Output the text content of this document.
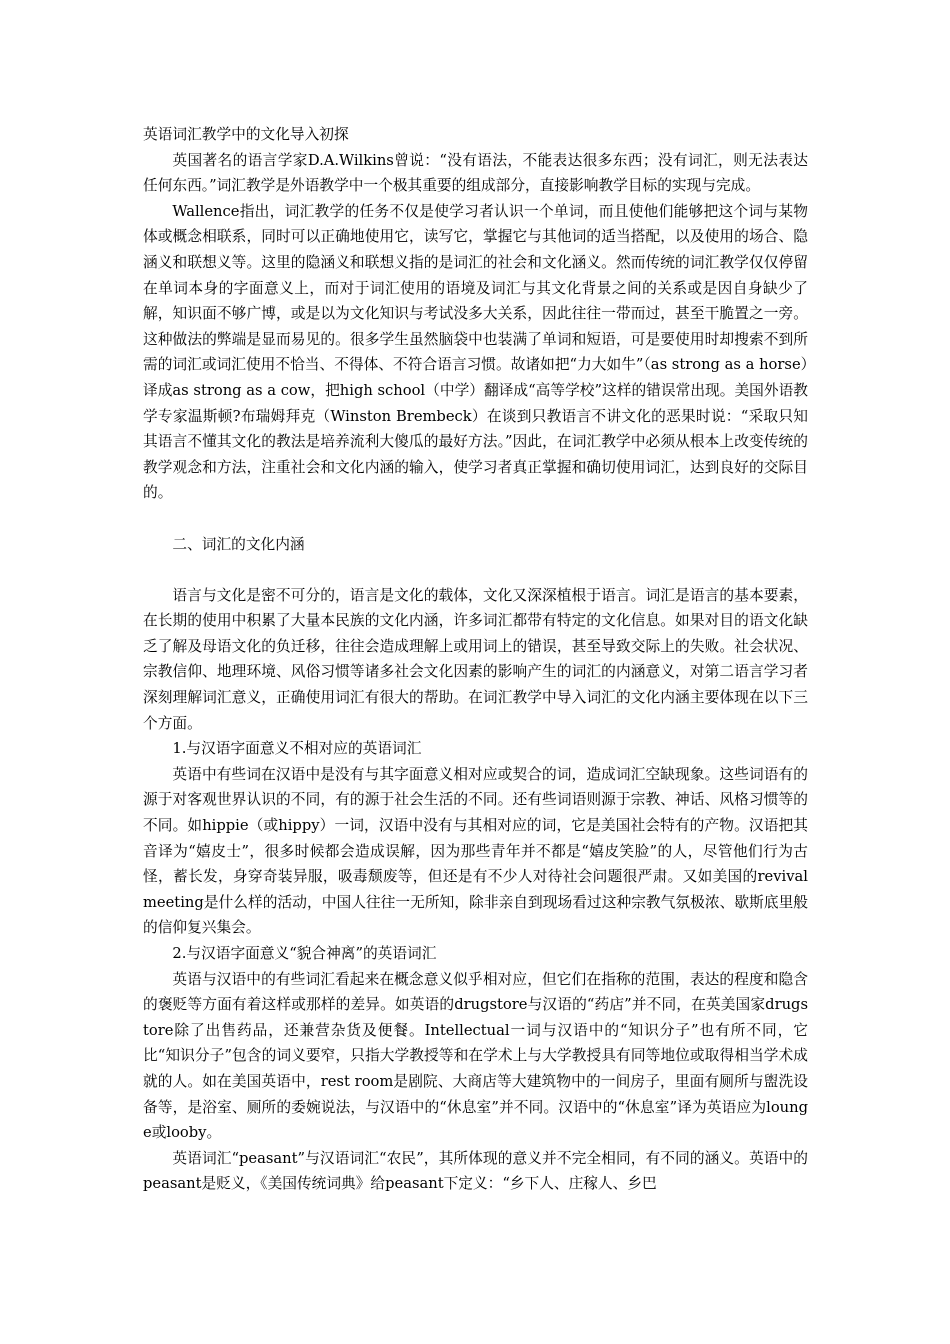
英语词汇教学中的文化导入初探

英国著名的语言学家D.A.Wilkins曾说：“没有语法，不能表达很多东西；没有词汇，则无法表达任何东西。”词汇教学是外语教学中一个极其重要的组成部分，直接影响教学目标的实现与完成。

Wallence指出，词汇教学的任务不仅是使学习者认识一个单词，而且使他们能够把这个词与某物体或概念相联系，同时可以正确地使用它，读写它，掌握它与其他词的适当搭配，以及使用的场合、隐涵义和联想义等。这里的隐涵义和联想义指的是词汇的社会和文化涵义。然而传统的词汇教学仅仅停留在单词本身的字面意义上，而对于词汇使用的语境及词汇与其文化背景之间的关系或是因自身缺少了解，知识面不够广博，或是以为文化知识与考试没多大关系，因此往往一带而过，甚至干脆置之一旁。这种做法的弊端是显而易见的。很多学生虽然脑袋中也装满了单词和短语，可是要使用时却搜索不到所需的词汇或词汇使用不恰当、不得体、不符合语言习惯。故诸如把“力大如牛”（as strong as a horse）译成as strong as a cow，把high school（中学）翻译成“高等学校”这样的错误常出现。美国外语教学专家温斯顿?布瑞姆拜克（Winston Brembeck）在谈到只教语言不讲文化的恶果时说：“采取只知其语言不懂其文化的教法是培养流利大傻瓜的最好方法。”因此，在词汇教学中必须从根本上改变传统的教学观念和方法，注重社会和文化内涵的输入，使学习者真正掌握和确切使用词汇，达到良好的交际目的。

二、词汇的文化内涵

语言与文化是密不可分的，语言是文化的载体，文化又深深植根于语言。词汇是语言的基本要素，在长期的使用中积累了大量本民族的文化内涵，许多词汇都带有特定的文化信息。如果对目的语文化缺乏了解及母语文化的负迁移，往往会造成理解上或用词上的错误，甚至导致交际上的失败。社会状况、宗教信仰、地理环境、风俗习惯等诸多社会文化因素的影响产生的词汇的内涵意义，对第二语言学习者深刻理解词汇意义，正确使用词汇有很大的帮助。在词汇教学中导入词汇的文化内涵主要体现在以下三个方面。

1.与汉语字面意义不相对应的英语词汇

英语中有些词在汉语中是没有与其字面意义相对应或契合的词，造成词汇空缺现象。这些词语有的源于对客观世界认识的不同，有的源于社会生活的不同。还有些词语则源于宗教、神话、风格习惯等的不同。如hippie（或hippy）一词，汉语中没有与其相对应的词，它是美国社会特有的产物。汉语把其音译为“嬉皮士”，很多时候都会造成误解，因为那些青年并不都是“嬉皮笑脸”的人，尽管他们行为古怪，蓄长发，身穿奇装异服，吸毒颓废等，但还是有不少人对待社会问题很严肃。又如美国的revival meeting是什么样的活动，中国人往往一无所知，除非亲自到现场看过这种宗教气氛极浓、歇斯底里般的信仰复兴集会。

2.与汉语字面意义“貌合神离”的英语词汇

英语与汉语中的有些词汇看起来在概念意义似乎相对应，但它们在指称的范围，表达的程度和隐含的褒贬等方面有着这样或那样的差异。如英语的drugstore与汉语的“药店”并不同，在英美国家drugstore除了出售药品，还兼营杂货及便餐。Intellectual一词与汉语中的“知识分子”也有所不同，它比“知识分子”包含的词义要窄，只指大学教授等和在学术上与大学教授具有同等地位或取得相当学术成就的人。如在美国英语中，rest room是剧院、大商店等大建筑物中的一间房子，里面有厕所与盥洗设备等，是浴室、厕所的委婉说法，与汉语中的“休息室”并不同。汉语中的“休息室”译为英语应为lounge或looby。

英语词汇“peasant”与汉语词汇“农民”，其所体现的意义并不完全相同，有不同的涵义。英语中的peasant是贬义，《美国传统词典》给peasant下定义：“乡下人、庄稼人、乡巴
